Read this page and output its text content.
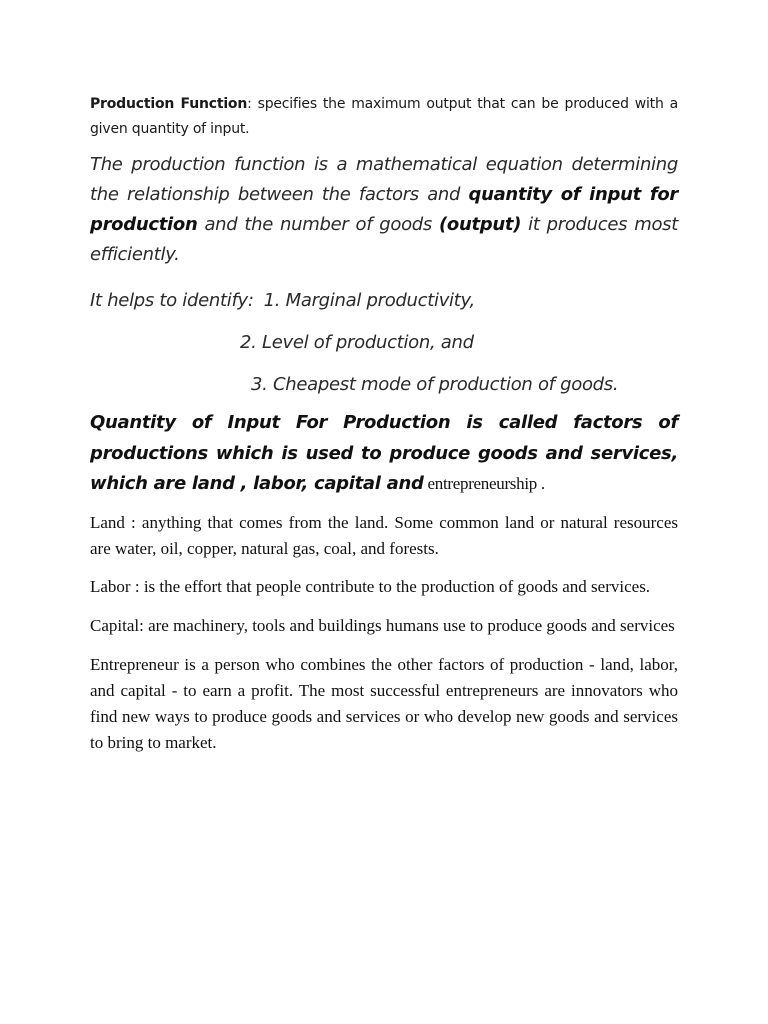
Production Function: specifies the maximum output that can be produced with a given quantity of input.

The production function is a mathematical equation determining the relationship between the factors and quantity of input for production and the number of goods (output) it produces most efficiently.

It helps to identify: 1. Marginal productivity,
2. Level of production, and
3. Cheapest mode of production of goods.

Quantity of Input For Production is called factors of productions which is used to produce goods and services, which are land , labor, capital and entrepreneurship .

Land : anything that comes from the land. Some common land or natural resources are water, oil, copper, natural gas, coal, and forests.

Labor : is the effort that people contribute to the production of goods and services.

Capital: are machinery, tools and buildings humans use to produce goods and services

Entrepreneur is a person who combines the other factors of production - land, labor, and capital - to earn a profit. The most successful entrepreneurs are innovators who find new ways to produce goods and services or who develop new goods and services to bring to market.
